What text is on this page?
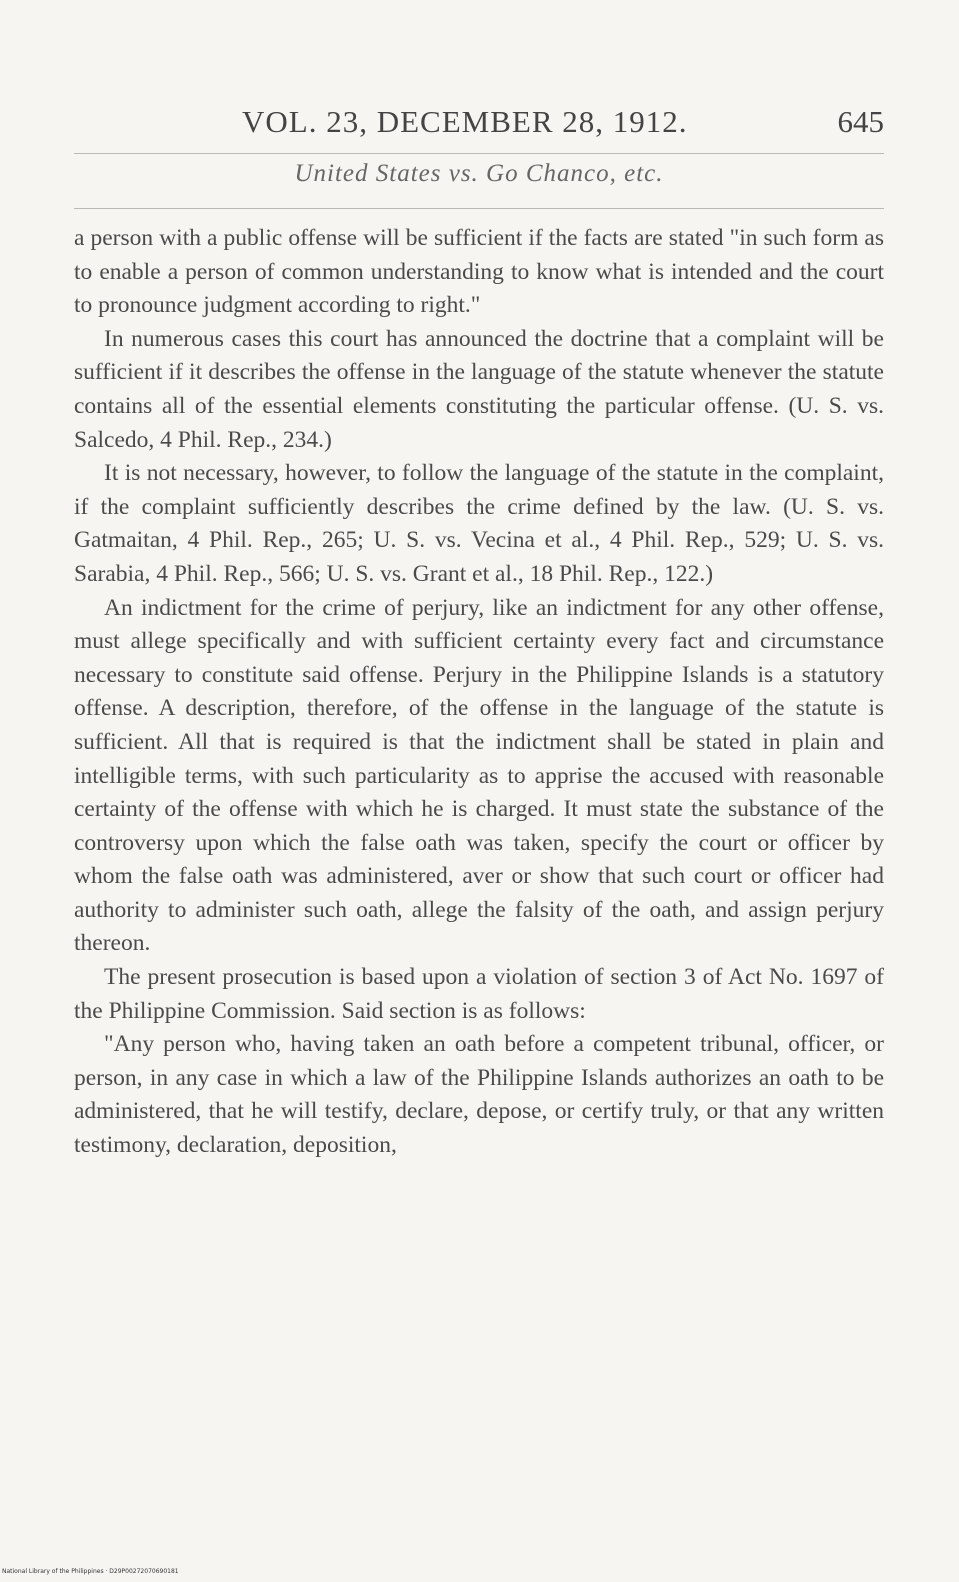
VOL. 23, DECEMBER 28, 1912.	645
United States vs. Go Chanco, etc.

a person with a public offense will be sufficient if the facts are stated "in such form as to enable a person of common understanding to know what is intended and the court to pronounce judgment according to right."

In numerous cases this court has announced the doctrine that a complaint will be sufficient if it describes the offense in the language of the statute whenever the statute contains all of the essential elements constituting the particular offense. (U. S. vs. Salcedo, 4 Phil. Rep., 234.)

It is not necessary, however, to follow the language of the statute in the complaint, if the complaint sufficiently describes the crime defined by the law. (U. S. vs. Gatmaitan, 4 Phil. Rep., 265; U. S. vs. Vecina et al., 4 Phil. Rep., 529; U. S. vs. Sarabia, 4 Phil. Rep., 566; U. S. vs. Grant et al., 18 Phil. Rep., 122.)

An indictment for the crime of perjury, like an indictment for any other offense, must allege specifically and with sufficient certainty every fact and circumstance necessary to constitute said offense. Perjury in the Philippine Islands is a statutory offense. A description, therefore, of the offense in the language of the statute is sufficient. All that is required is that the indictment shall be stated in plain and intelligible terms, with such particularity as to apprise the accused with reasonable certainty of the offense with which he is charged. It must state the substance of the controversy upon which the false oath was taken, specify the court or officer by whom the false oath was administered, aver or show that such court or officer had authority to administer such oath, allege the falsity of the oath, and assign perjury thereon.

The present prosecution is based upon a violation of section 3 of Act No. 1697 of the Philippine Commission. Said section is as follows:

"Any person who, having taken an oath before a competent tribunal, officer, or person, in any case in which a law of the Philippine Islands authorizes an oath to be administered, that he will testify, declare, depose, or certify truly, or that any written testimony, declaration, deposition,

National Library of the Philippines · D29P00272070690181
